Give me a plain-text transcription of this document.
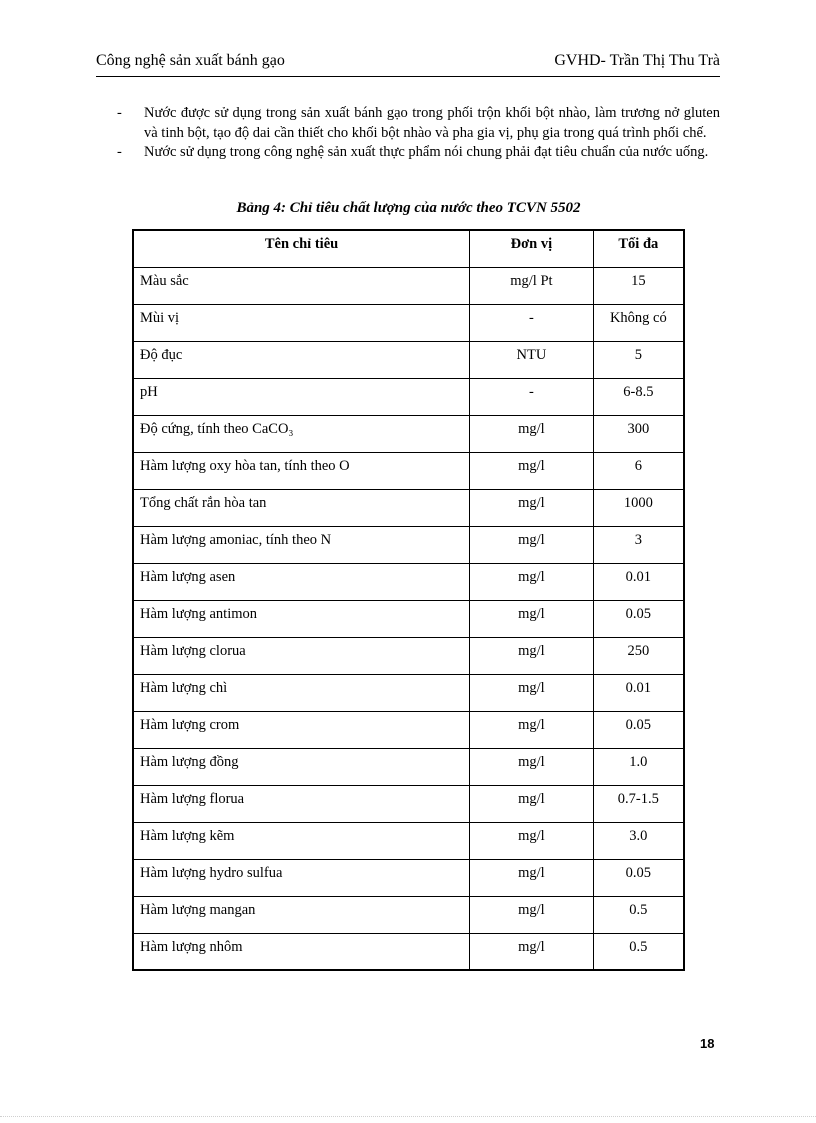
Công nghệ sản xuất bánh gạo	GVHD- Trần Thị Thu Trà
- Nước được sử dụng trong sản xuất bánh gạo trong phối trộn khối bột nhào, làm trương nở gluten và tinh bột, tạo độ dai cần thiết cho khối bột nhào và pha gia vị, phụ gia trong quá trình phối chế.
- Nước sử dụng trong công nghệ sản xuất thực phẩm nói chung phải đạt tiêu chuẩn của nước uống.
Bảng 4: Chỉ tiêu chất lượng của nước theo TCVN 5502
Tên chỉ tiêu	Đơn vị	Tối đa
Màu sắc	mg/l Pt	15
Mùi vị	-	Không có
Độ đục	NTU	5
pH	-	6-8.5
Độ cứng, tính theo CaCO₃	mg/l	300
Hàm lượng oxy hòa tan, tính theo O	mg/l	6
Tổng chất rắn hòa tan	mg/l	1000
Hàm lượng amoniac, tính theo N	mg/l	3
Hàm lượng asen	mg/l	0.01
Hàm lượng antimon	mg/l	0.05
Hàm lượng clorua	mg/l	250
Hàm lượng chì	mg/l	0.01
Hàm lượng crom	mg/l	0.05
Hàm lượng đồng	mg/l	1.0
Hàm lượng florua	mg/l	0.7-1.5
Hàm lượng kẽm	mg/l	3.0
Hàm lượng hydro sulfua	mg/l	0.05
Hàm lượng mangan	mg/l	0.5
Hàm lượng nhôm	mg/l	0.5
18
